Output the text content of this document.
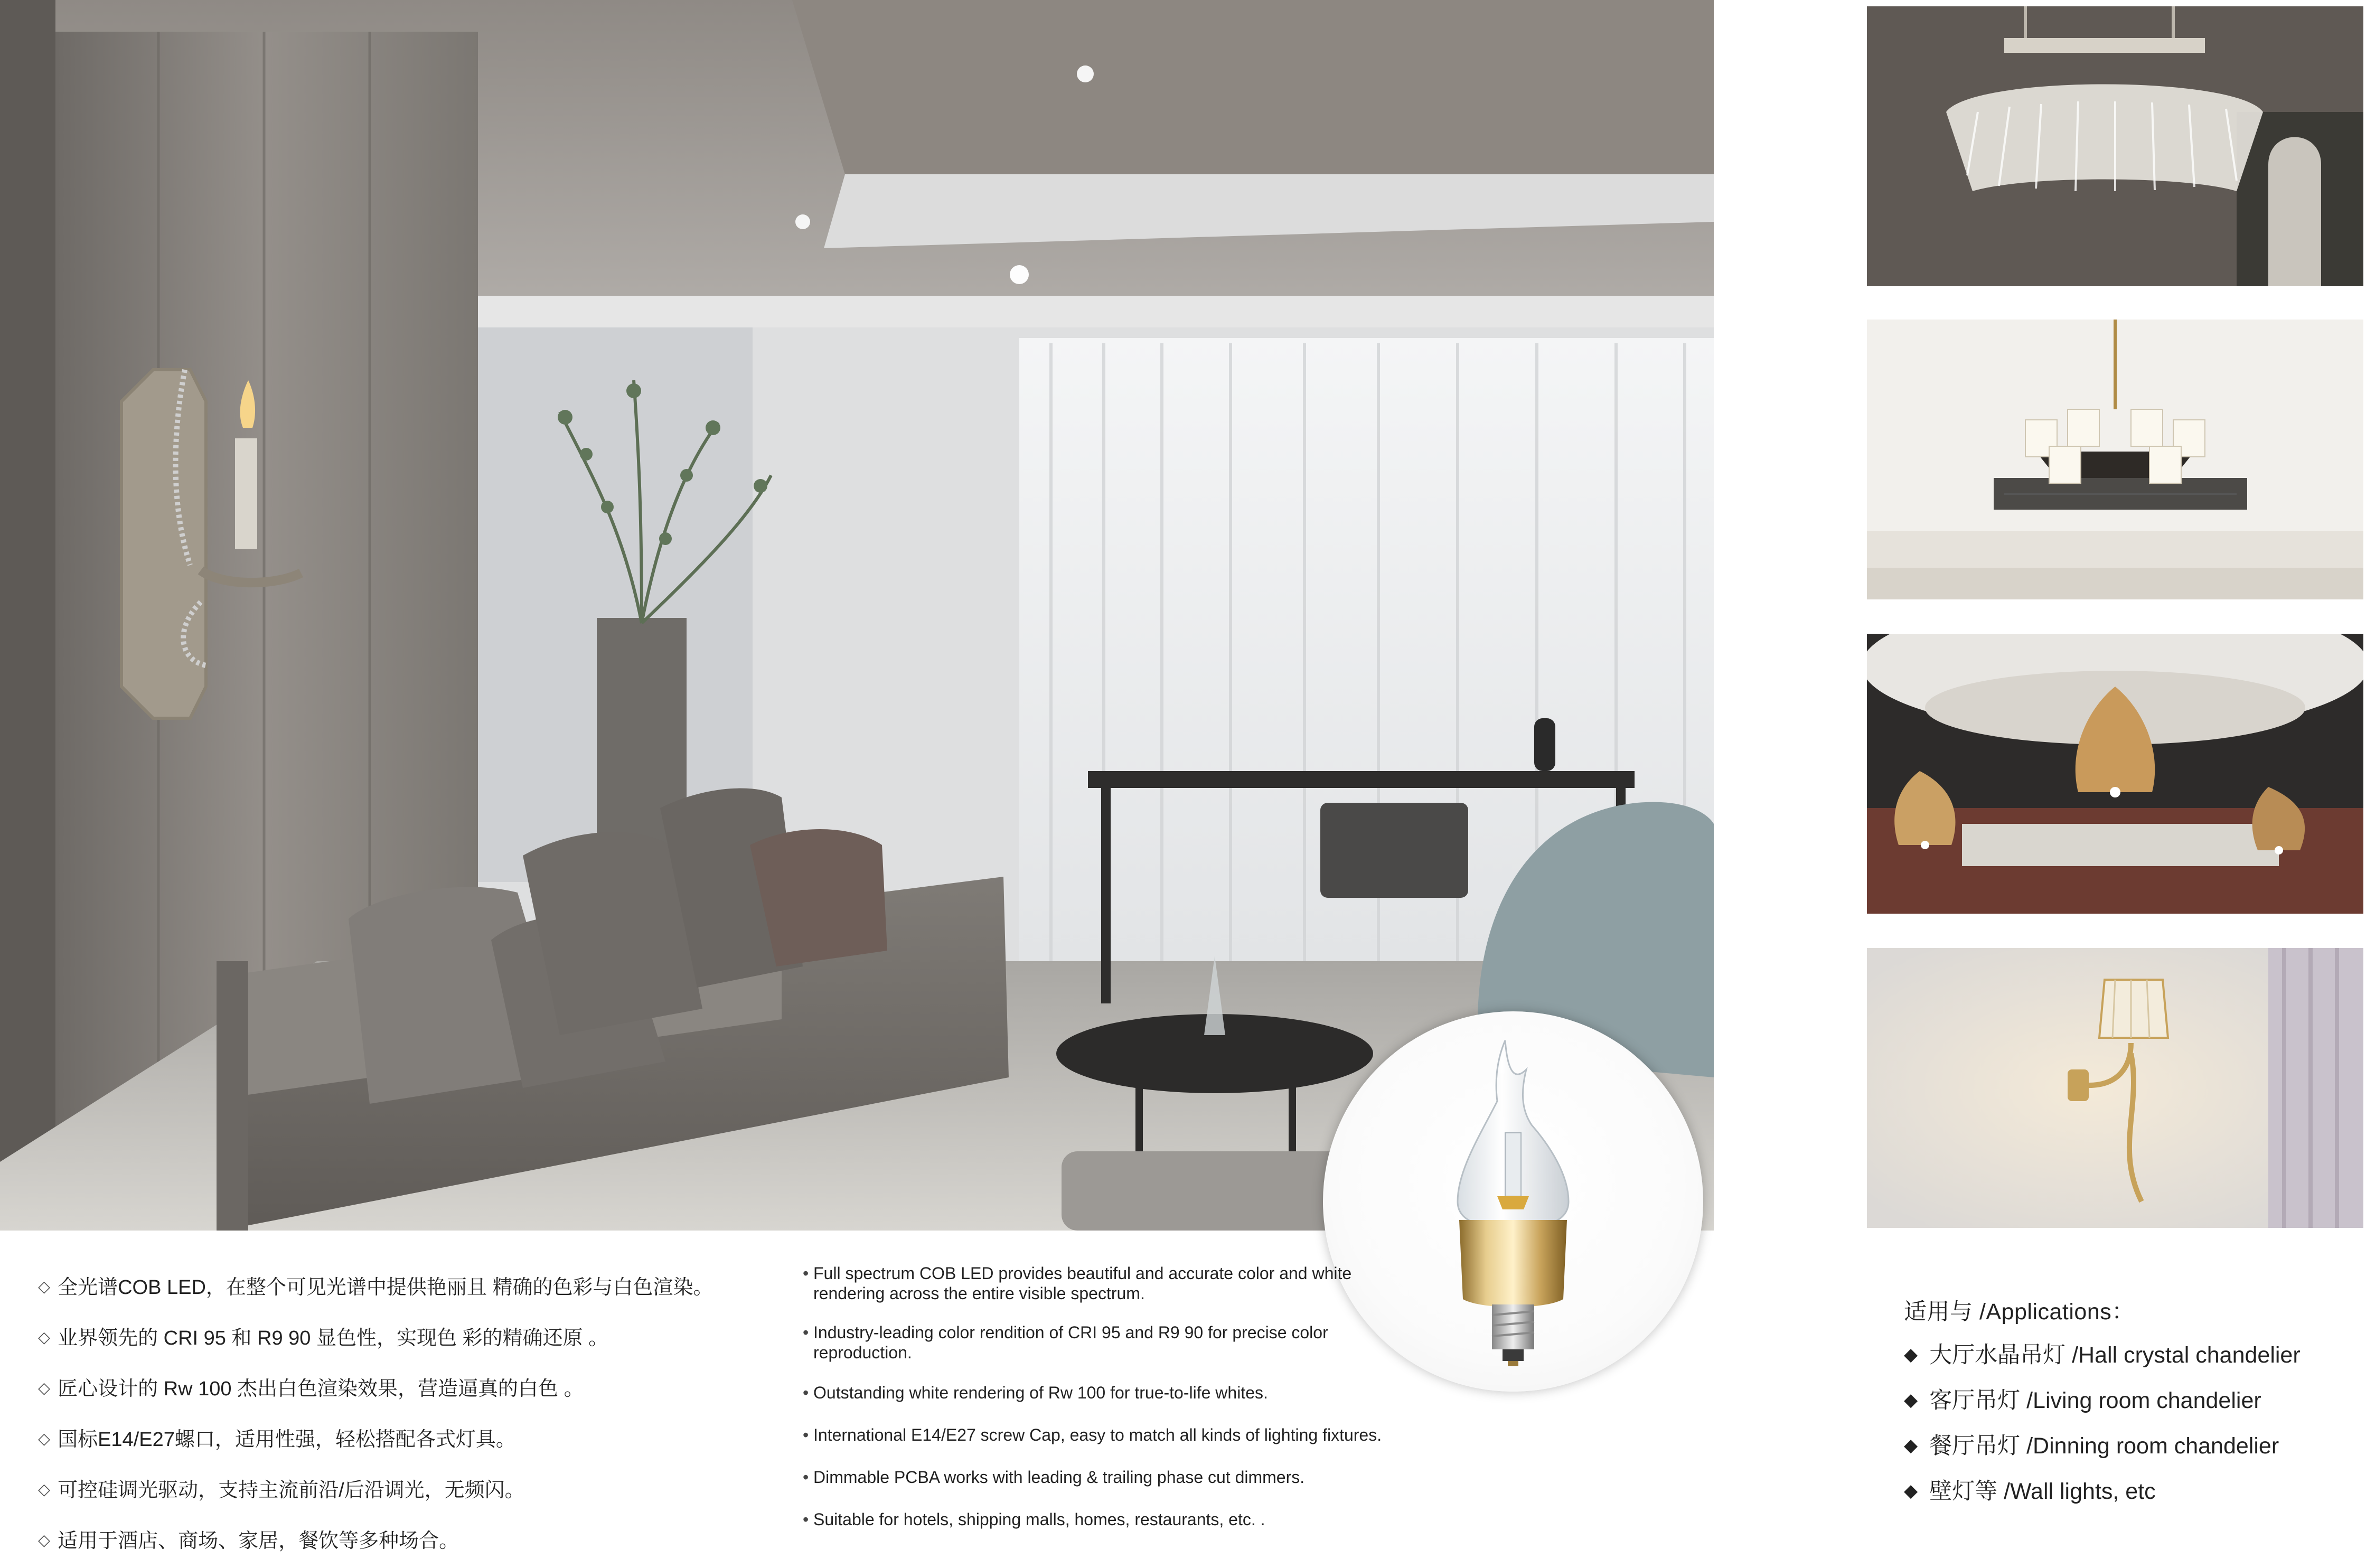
◇ 全光谱COB LED，在整个可见光谱中提供艳丽且 精确的色彩与白色渲染。
◇ 业界领先的 CRI 95 和 R9 90 显色性，实现色 彩的精确还原 。
◇ 匠心设计的 Rw 100 杰出白色渲染效果，营造逼真的白色 。
◇ 国标E14/E27螺口，适用性强，轻松搭配各式灯具。
◇ 可控硅调光驱动，支持主流前沿/后沿调光，无频闪。
◇ 适用于酒店、商场、家居，餐饮等多种场合。
• Full spectrum COB LED provides beautiful and accurate color and white rendering across the entire visible spectrum.
• Industry-leading color rendition of CRI 95 and R9 90 for precise color reproduction.
• Outstanding white rendering of Rw 100 for true-to-life whites.
• International E14/E27 screw Cap, easy to match all kinds of lighting fixtures.
• Dimmable PCBA works with leading & trailing phase cut dimmers.
• Suitable for hotels, shipping malls, homes, restaurants, etc. .
适用与 /Applications：
◆ 大厅水晶吊灯 /Hall crystal chandelier
◆ 客厅吊灯 /Living room chandelier
◆ 餐厅吊灯 /Dinning room chandelier
◆ 壁灯等 /Wall lights, etc
